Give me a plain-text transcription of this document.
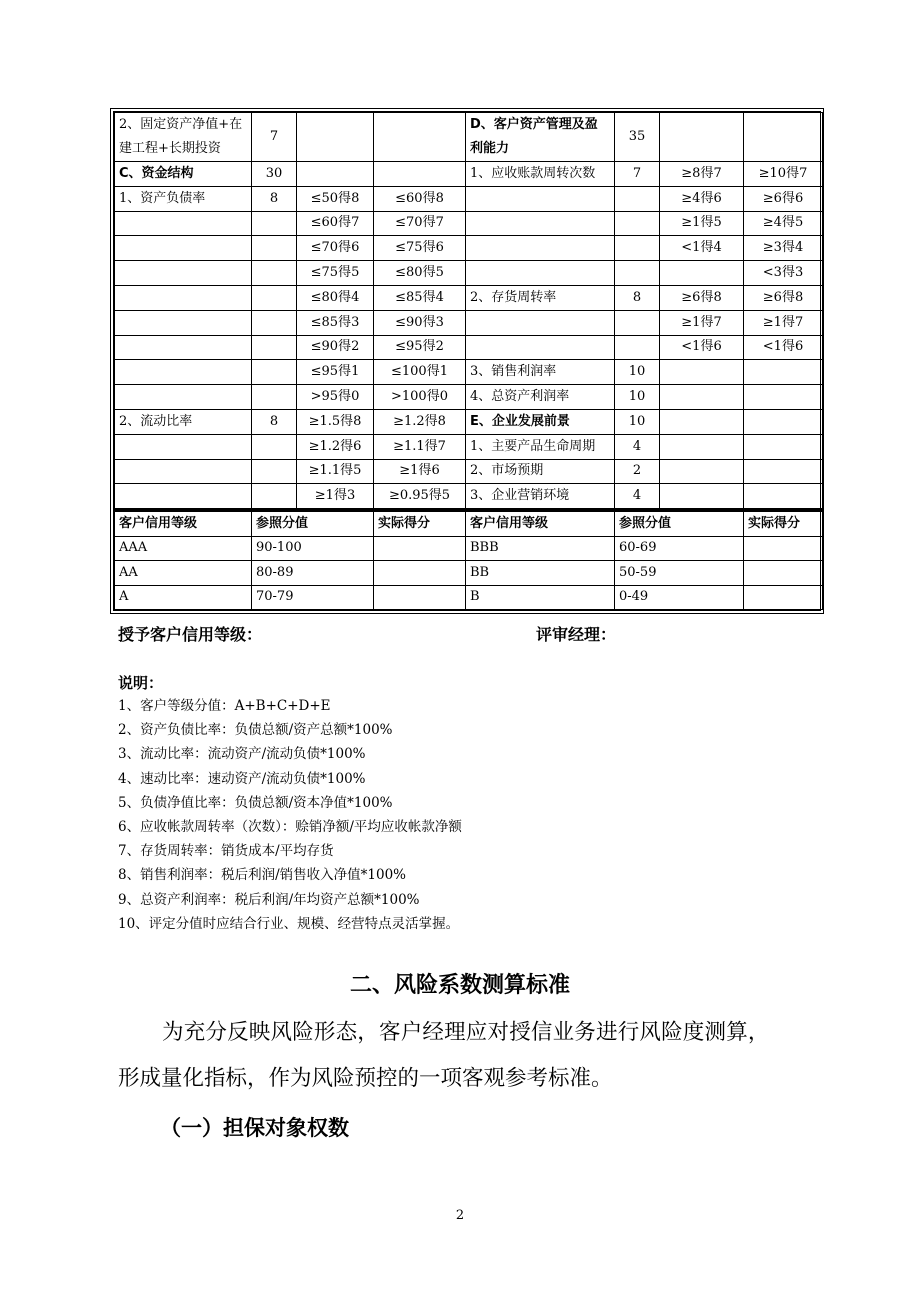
2、固定资产净值+在建工程+长期投资	7			D、客户资产管理及盈利能力	35		
C、资金结构	30			1、应收账款周转次数	7	≥8得7	≥10得7
1、资产负债率	8	≤50得8	≤60得8			≥4得6	≥6得6
		≤60得7	≤70得7			≥1得5	≥4得5
		≤70得6	≤75得6			<1得4	≥3得4
		≤75得5	≤80得5				<3得3
		≤80得4	≤85得4	2、存货周转率	8	≥6得8	≥6得8
		≤85得3	≤90得3			≥1得7	≥1得7
		≤90得2	≤95得2			<1得6	<1得6
		≤95得1	≤100得1	3、销售利润率	10		
		>95得0	>100得0	4、总资产利润率	10		
2、流动比率	8	≥1.5得8	≥1.2得8	E、企业发展前景	10		
		≥1.2得6	≥1.1得7	1、主要产品生命周期	4		
		≥1.1得5	≥1得6	2、市场预期	2		
		≥1得3	≥0.95得5	3、企业营销环境	4		
客户信用等级	参照分值	实际得分	客户信用等级	参照分值	实际得分
AAA	90-100		BBB	60-69	
AA	80-89		BB	50-59	
A	70-79		B	0-49	
授予客户信用等级：	评审经理：
说明：
1、客户等级分值：A+B+C+D+E
2、资产负债比率：负债总额/资产总额*100%
3、流动比率：流动资产/流动负债*100%
4、速动比率：速动资产/流动负债*100%
5、负债净值比率：负债总额/资本净值*100%
6、应收帐款周转率（次数）：赊销净额/平均应收帐款净额
7、存货周转率：销货成本/平均存货
8、销售利润率：税后利润/销售收入净值*100%
9、总资产利润率：税后利润/年均资产总额*100%
10、评定分值时应结合行业、规模、经营特点灵活掌握。
二、风险系数测算标准
为充分反映风险形态，客户经理应对授信业务进行风险度测算，
形成量化指标，作为风险预控的一项客观参考标准。
（一）担保对象权数
2
